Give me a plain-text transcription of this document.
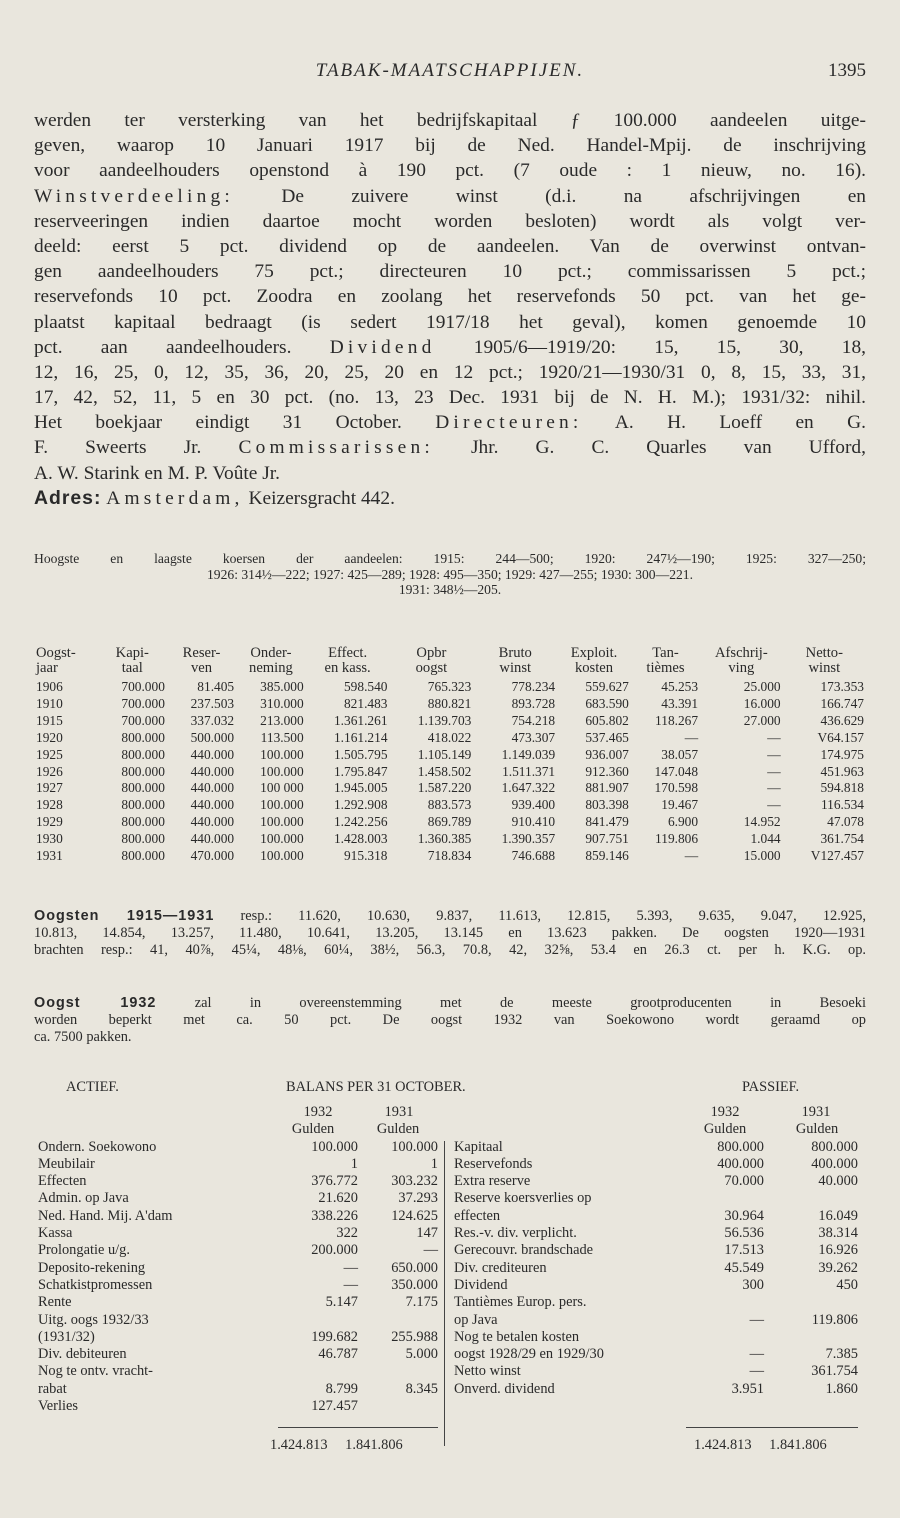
TABAK-MAATSCHAPPIJEN.	1395
werden ter versterking van het bedrijfskapitaal ƒ 100.000 aandeelen uitge-
geven, waarop 10 Januari 1917 bij de Ned. Handel-Mpij. de inschrijving
voor aandeelhouders openstond à 190 pct. (7 oude : 1 nieuw, no. 16).
Winstverdeeling: De zuivere winst (d.i. na afschrijvingen en
reserveeringen indien daartoe mocht worden besloten) wordt als volgt ver-
deeld: eerst 5 pct. dividend op de aandeelen. Van de overwinst ontvan-
gen aandeelhouders 75 pct.; directeuren 10 pct.; commissarissen 5 pct.;
reservefonds 10 pct. Zoodra en zoolang het reservefonds 50 pct. van het ge-
plaatst kapitaal bedraagt (is sedert 1917/18 het geval), komen genoemde 10
pct. aan aandeelhouders. Dividend 1905/6—1919/20: 15, 15, 30, 18,
12, 16, 25, 0, 12, 35, 36, 20, 25, 20 en 12 pct.; 1920/21—1930/31 0, 8, 15, 33, 31,
17, 42, 52, 11, 5 en 30 pct. (no. 13, 23 Dec. 1931 bij de N. H. M.); 1931/32: nihil.
Het boekjaar eindigt 31 October. Directeuren: A. H. Loeff en G.
F. Sweerts Jr. Commissarissen: Jhr. G. C. Quarles van Ufford,
A. W. Starink en M. P. Voûte Jr.
Adres: Amsterdam, Keizersgracht 442.
Hoogste en laagste koersen der aandeelen: 1915: 244—500; 1920: 247½—190; 1925: 327—250;
1926: 314½—222; 1927: 425—289; 1928: 495—350; 1929: 427—255; 1930: 300—221.
1931: 348½—205.
Oogst-	Kapi-	Reser-	Onder-	Effect.	Opbr	Bruto	Exploit.	Tan-	Afschrij-	Netto-
jaar	taal	ven	neming	en kass.	oogst	winst	kosten	tièmes	ving	winst
1906	700.000	81.405	385.000	598.540	765.323	778.234	559.627	45.253	25.000	173.353
1910	700.000	237.503	310.000	821.483	880.821	893.728	683.590	43.391	16.000	166.747
1915	700.000	337.032	213.000	1.361.261	1.139.703	754.218	605.802	118.267	27.000	436.629
1920	800.000	500.000	113.500	1.161.214	418.022	473.307	537.465	—	—	V64.157
1925	800.000	440.000	100.000	1.505.795	1.105.149	1.149.039	936.007	38.057	—	174.975
1926	800.000	440.000	100.000	1.795.847	1.458.502	1.511.371	912.360	147.048	—	451.963
1927	800.000	440.000	100 000	1.945.005	1.587.220	1.647.322	881.907	170.598	—	594.818
1928	800.000	440.000	100.000	1.292.908	883.573	939.400	803.398	19.467	—	116.534
1929	800.000	440.000	100.000	1.242.256	869.789	910.410	841.479	6.900	14.952	47.078
1930	800.000	440.000	100.000	1.428.003	1.360.385	1.390.357	907.751	119.806	1.044	361.754
1931	800.000	470.000	100.000	915.318	718.834	746.688	859.146	—	15.000	V127.457
Oogsten 1915—1931 resp.: 11.620, 10.630, 9.837, 11.613, 12.815, 5.393, 9.635, 9.047, 12.925,
10.813, 14.854, 13.257, 11.480, 10.641, 13.205, 13.145 en 13.623 pakken. De oogsten 1920—1931
brachten resp.: 41, 40⅞, 45¼, 48⅛, 60¼, 38½, 56.3, 70.8, 42, 32⅝, 53.4 en 26.3 ct. per h. K.G. op.
Oogst 1932	zal in overeenstemming met de meeste grootproducenten in Besoeki
worden beperkt met ca. 50 pct. De oogst 1932 van Soekowono wordt geraamd op
ca. 7500 pakken.
ACTIEF.	BALANS PER 31 OCTOBER.	PASSIEF.
1932	1931
Gulden	Gulden
Ondern. Soekowono	100.000	100.000
Meubilair	1	1
Effecten	376.772	303.232
Admin. op Java	21.620	37.293
Ned. Hand. Mij. A'dam	338.226	124.625
Kassa	322	147
Prolongatie u/g.	200.000	—
Deposito-rekening	—	650.000
Schatkistpromessen	—	350.000
Rente	5.147	7.175
Uitg. oogs 1932/33
(1931/32)	199.682	255.988
Div. debiteuren	46.787	5.000
Nog te ontv. vracht-
rabat	8.799	8.345
Verlies	127.457
1932	1931
Gulden	Gulden
Kapitaal	800.000	800.000
Reservefonds	400.000	400.000
Extra reserve	70.000	40.000
Reserve koersverlies op
effecten	30.964	16.049
Res.-v. div. verplicht.	56.536	38.314
Gerecouvr. brandschade	17.513	16.926
Div. crediteuren	45.549	39.262
Dividend	300	450
Tantièmes Europ. pers.
op Java	—	119.806
Nog te betalen kosten
oogst 1928/29 en 1929/30	—	7.385
Netto winst	—	361.754
Onverd. dividend	3.951	1.860
1.424.813 1.841.806	1.424.813 1.841.806
